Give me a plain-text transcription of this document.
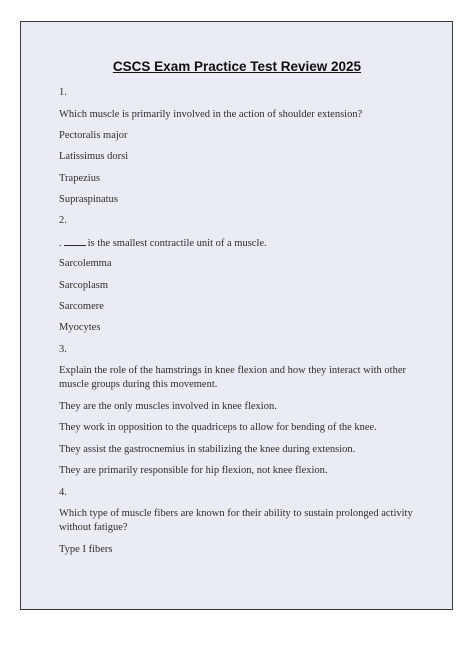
CSCS Exam Practice Test Review 2025
1.
Which muscle is primarily involved in the action of shoulder extension?
Pectoralis major
Latissimus dorsi
Trapezius
Supraspinatus
2.
. is the smallest contractile unit of a muscle.
Sarcolemma
Sarcoplasm
Sarcomere
Myocytes
3.
Explain the role of the hamstrings in knee flexion and how they interact with other muscle groups during this movement.
They are the only muscles involved in knee flexion.
They work in opposition to the quadriceps to allow for bending of the knee.
They assist the gastrocnemius in stabilizing the knee during extension.
They are primarily responsible for hip flexion, not knee flexion.
4.
Which type of muscle fibers are known for their ability to sustain prolonged activity without fatigue?
Type I fibers
